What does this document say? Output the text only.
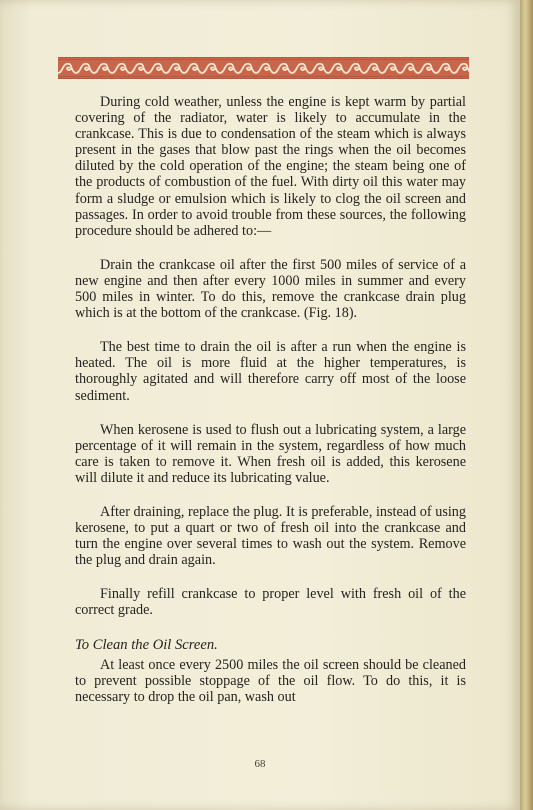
During cold weather, unless the engine is kept warm by partial covering of the radiator, water is likely to accumulate in the crankcase. This is due to condensation of the steam which is always present in the gases that blow past the rings when the oil becomes diluted by the cold operation of the engine; the steam being one of the products of combustion of the fuel. With dirty oil this water may form a sludge or emulsion which is likely to clog the oil screen and passages. In order to avoid trouble from these sources, the following procedure should be adhered to:—

Drain the crankcase oil after the first 500 miles of service of a new engine and then after every 1000 miles in summer and every 500 miles in winter. To do this, remove the crankcase drain plug which is at the bottom of the crankcase. (Fig. 18).

The best time to drain the oil is after a run when the engine is heated. The oil is more fluid at the higher temperatures, is thoroughly agitated and will therefore carry off most of the loose sediment.

When kerosene is used to flush out a lubricating system, a large percentage of it will remain in the system, regardless of how much care is taken to remove it. When fresh oil is added, this kerosene will dilute it and reduce its lubricating value.

After draining, replace the plug. It is preferable, instead of using kerosene, to put a quart or two of fresh oil into the crankcase and turn the engine over several times to wash out the system. Remove the plug and drain again.

Finally refill crankcase to proper level with fresh oil of the correct grade.

To Clean the Oil Screen.

At least once every 2500 miles the oil screen should be cleaned to prevent possible stoppage of the oil flow. To do this, it is necessary to drop the oil pan, wash out

68
